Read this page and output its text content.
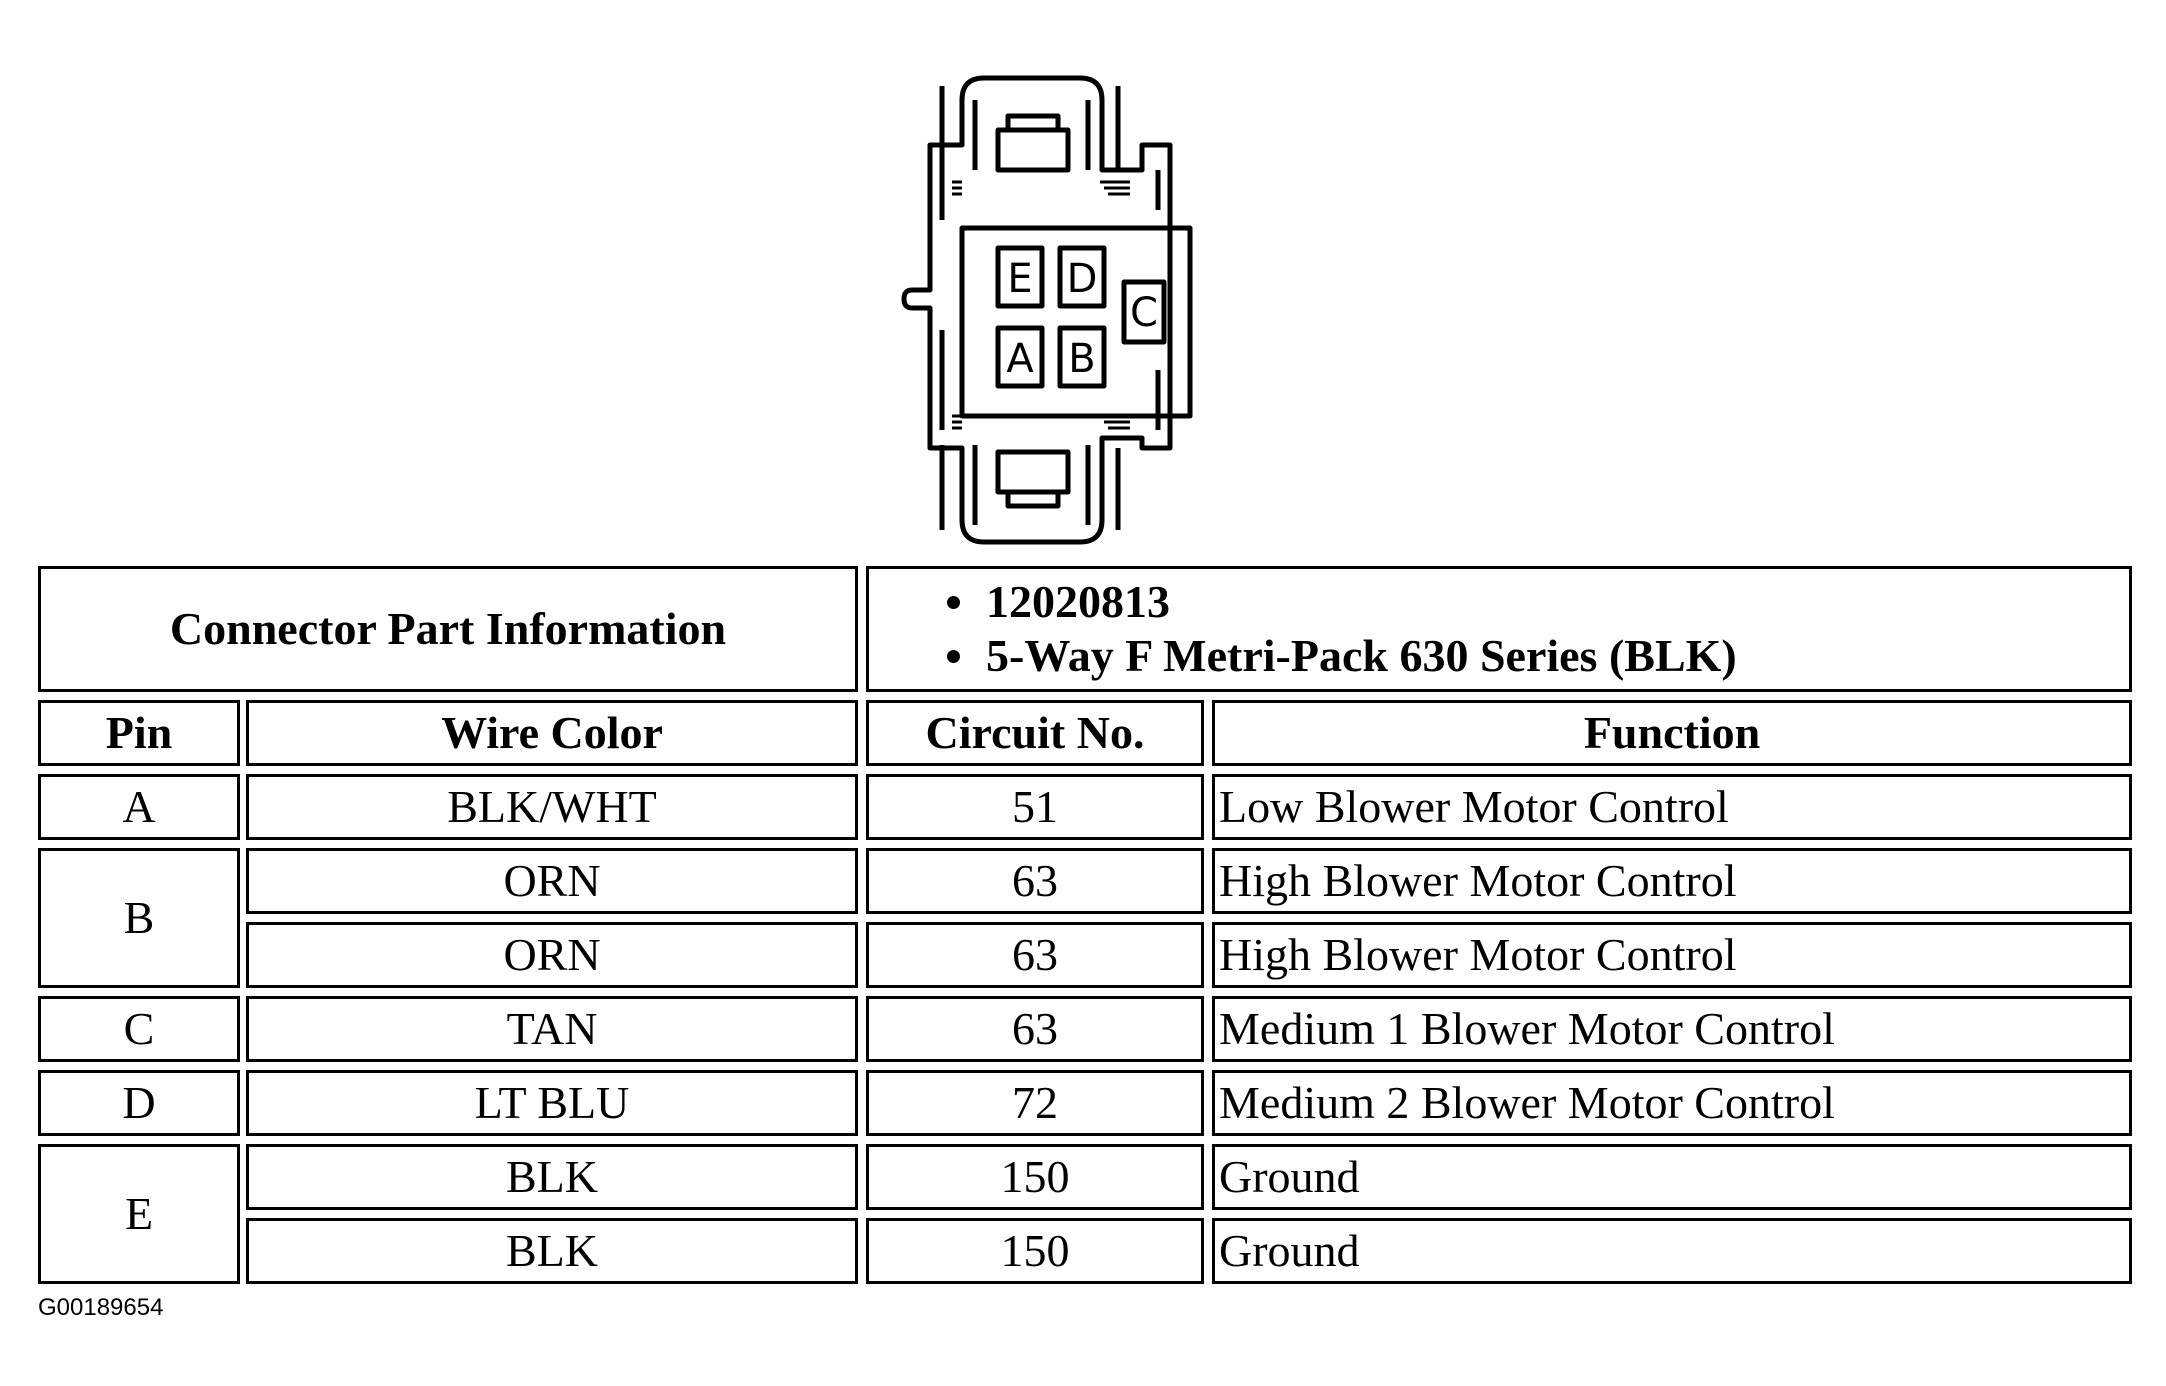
E D
C
A B
Connector Part Information
12020813
5-Way F Metri-Pack 630 Series (BLK)
Pin	Wire Color	Circuit No.	Function
A	BLK/WHT	51	Low Blower Motor Control
B
ORN	63	High Blower Motor Control
ORN	63	High Blower Motor Control
C	TAN	63	Medium 1 Blower Motor Control
D	LT BLU	72	Medium 2 Blower Motor Control
E
BLK	150	Ground
BLK	150	Ground
G00189654
